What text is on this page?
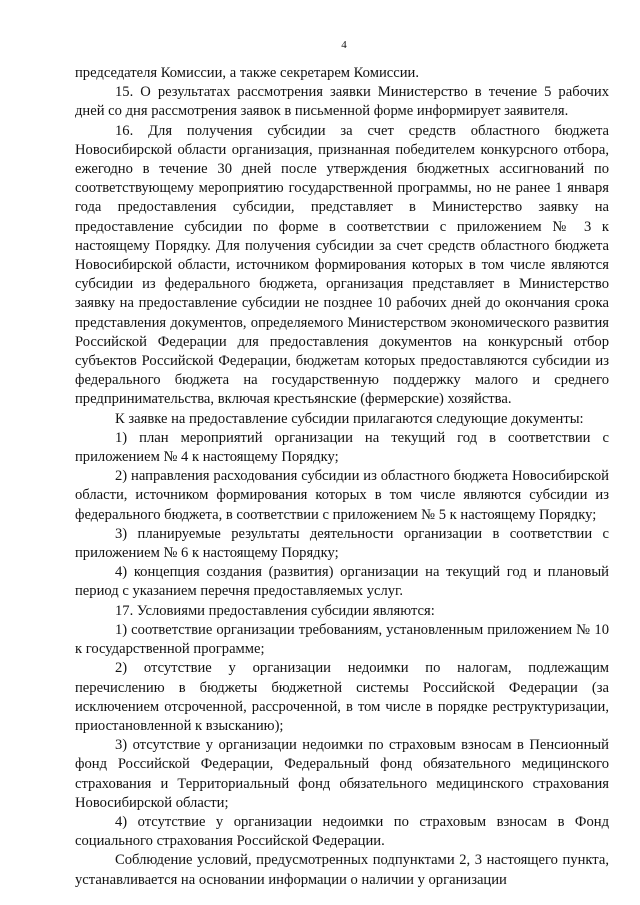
4

председателя Комиссии, а также секретарем Комиссии.

15. О результатах рассмотрения заявки Министерство в течение 5 рабочих дней со дня рассмотрения заявок в письменной форме информирует заявителя.

16. Для получения субсидии за счет средств областного бюджета Новосибирской области организация, признанная победителем конкурсного отбора, ежегодно в течение 30 дней после утверждения бюджетных ассигнований по соответствующему мероприятию государственной программы, но не ранее 1 января года предоставления субсидии, представляет в Министерство заявку на предоставление субсидии по форме в соответствии с приложением № 3 к настоящему Порядку. Для получения субсидии за счет средств областного бюджета Новосибирской области, источником формирования которых в том числе являются субсидии из федерального бюджета, организация представляет в Министерство заявку на предоставление субсидии не позднее 10 рабочих дней до окончания срока представления документов, определяемого Министерством экономического развития Российской Федерации для предоставления документов на конкурсный отбор субъектов Российской Федерации, бюджетам которых предоставляются субсидии из федерального бюджета на государственную поддержку малого и среднего предпринимательства, включая крестьянские (фермерские) хозяйства.

К заявке на предоставление субсидии прилагаются следующие документы:

1) план мероприятий организации на текущий год в соответствии с приложением № 4 к настоящему Порядку;

2) направления расходования субсидии из областного бюджета Новосибирской области, источником формирования которых в том числе являются субсидии из федерального бюджета, в соответствии с приложением № 5 к настоящему Порядку;

3) планируемые результаты деятельности организации в соответствии с приложением № 6 к настоящему Порядку;

4) концепция создания (развития) организации на текущий год и плановый период с указанием перечня предоставляемых услуг.

17. Условиями предоставления субсидии являются:

1) соответствие организации требованиям, установленным приложением № 10 к государственной программе;

2) отсутствие у организации недоимки по налогам, подлежащим перечислению в бюджеты бюджетной системы Российской Федерации (за исключением отсроченной, рассроченной, в том числе в порядке реструктуризации, приостановленной к взысканию);

3) отсутствие у организации недоимки по страховым взносам в Пенсионный фонд Российской Федерации, Федеральный фонд обязательного медицинского страхования и Территориальный фонд обязательного медицинского страхования Новосибирской области;

4) отсутствие у организации недоимки по страховым взносам в Фонд социального страхования Российской Федерации.

Соблюдение условий, предусмотренных подпунктами 2, 3 настоящего пункта, устанавливается на основании информации о наличии у организации
